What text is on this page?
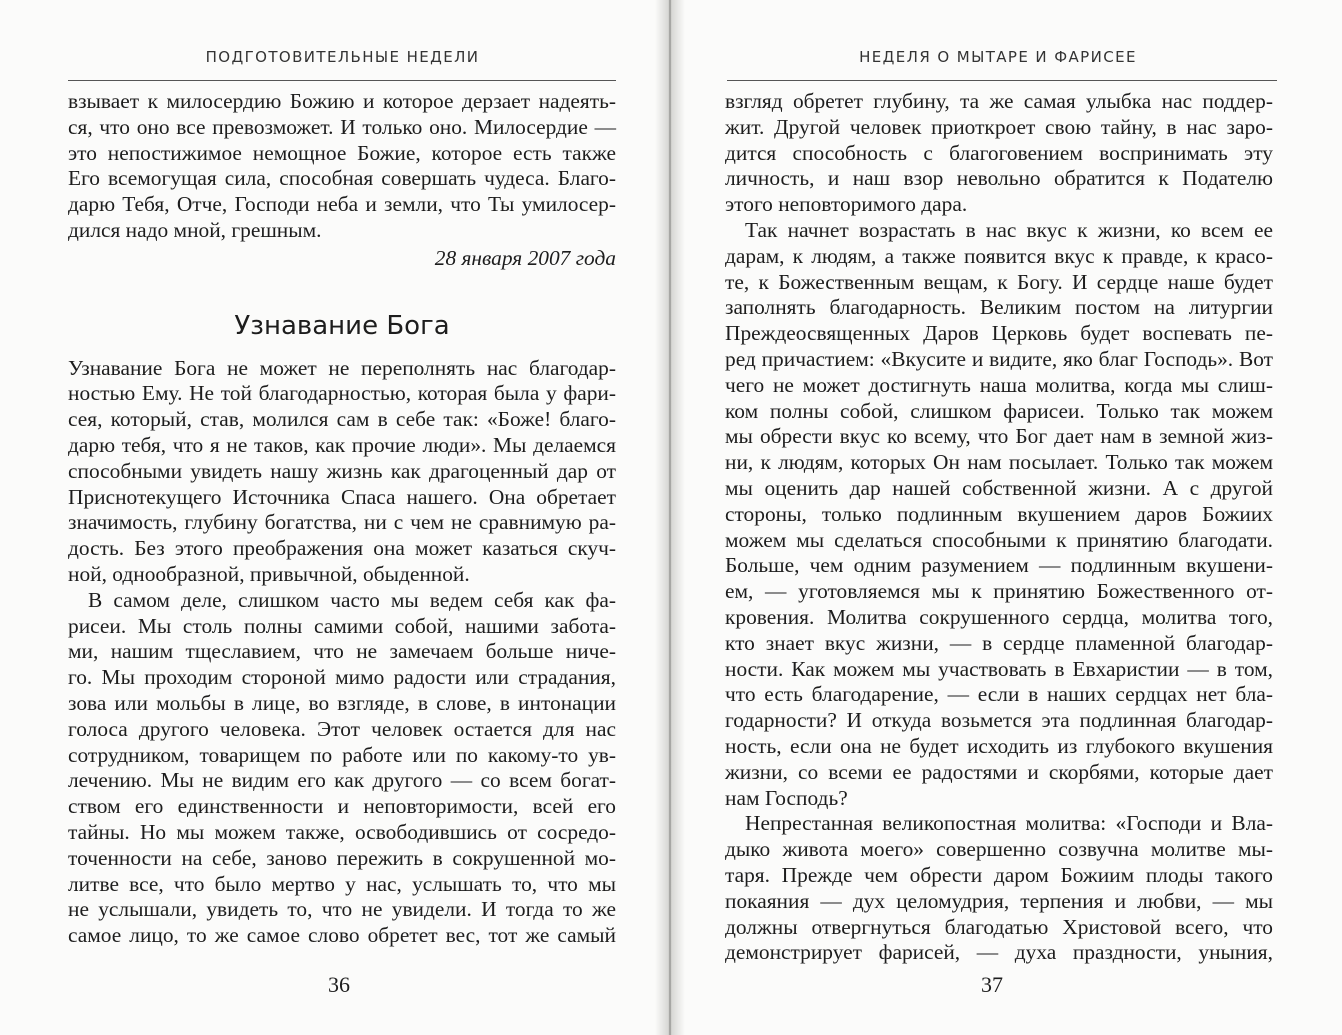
ПОДГОТОВИТЕЛЬНЫЕ НЕДЕЛИ
взывает к милосердию Божию и которое дерзает надеять-
ся, что оно все превозможет. И только оно. Милосердие —
это непостижимое немощное Божие, которое есть также
Его всемогущая сила, способная совершать чудеса. Благо-
дарю Тебя, Отче, Господи неба и земли, что Ты умилосер-
дился надо мной, грешным.
28 января 2007 года
Узнавание Бога
Узнавание Бога не может не переполнять нас благодар-
ностью Ему. Не той благодарностью, которая была у фари-
сея, который, став, молился сам в себе так: «Боже! благо-
дарю тебя, что я не таков, как прочие люди». Мы делаемся
способными увидеть нашу жизнь как драгоценный дар от
Приснотекущего Источника Спаса нашего. Она обретает
значимость, глубину богатства, ни с чем не сравнимую ра-
дость. Без этого преображения она может казаться скуч-
ной, однообразной, привычной, обыденной.
В самом деле, слишком часто мы ведем себя как фа-
рисеи. Мы столь полны самими собой, нашими забота-
ми, нашим тщеславием, что не замечаем больше ниче-
го. Мы проходим стороной мимо радости или страдания,
зова или мольбы в лице, во взгляде, в слове, в интонации
голоса другого человека. Этот человек остается для нас
сотрудником, товарищем по работе или по какому-то ув-
лечению. Мы не видим его как другого — со всем богат-
ством его единственности и неповторимости, всей его
тайны. Но мы можем также, освободившись от сосредо-
точенности на себе, заново пережить в сокрушенной мо-
литве все, что было мертво у нас, услышать то, что мы
не услышали, увидеть то, что не увидели. И тогда то же
самое лицо, то же самое слово обретет вес, тот же самый
36
НЕДЕЛЯ О МЫТАРЕ И ФАРИСЕЕ
взгляд обретет глубину, та же самая улыбка нас поддер-
жит. Другой человек приоткроет свою тайну, в нас заро-
дится способность с благоговением воспринимать эту
личность, и наш взор невольно обратится к Подателю
этого неповторимого дара.
Так начнет возрастать в нас вкус к жизни, ко всем ее
дарам, к людям, а также появится вкус к правде, к красо-
те, к Божественным вещам, к Богу. И сердце наше будет
заполнять благодарность. Великим постом на литургии
Преждеосвященных Даров Церковь будет воспевать пе-
ред причастием: «Вкусите и видите, яко благ Господь». Вот
чего не может достигнуть наша молитва, когда мы слиш-
ком полны собой, слишком фарисеи. Только так можем
мы обрести вкус ко всему, что Бог дает нам в земной жиз-
ни, к людям, которых Он нам посылает. Только так можем
мы оценить дар нашей собственной жизни. А с другой
стороны, только подлинным вкушением даров Божиих
можем мы сделаться способными к принятию благодати.
Больше, чем одним разумением — подлинным вкушени-
ем, — уготовляемся мы к принятию Божественного от-
кровения. Молитва сокрушенного сердца, молитва того,
кто знает вкус жизни, — в сердце пламенной благодар-
ности. Как можем мы участвовать в Евхаристии — в том,
что есть благодарение, — если в наших сердцах нет бла-
годарности? И откуда возьмется эта подлинная благодар-
ность, если она не будет исходить из глубокого вкушения
жизни, со всеми ее радостями и скорбями, которые дает
нам Господь?
Непрестанная великопостная молитва: «Господи и Вла-
дыко живота моего» совершенно созвучна молитве мы-
таря. Прежде чем обрести даром Божиим плоды такого
покаяния — дух целомудрия, терпения и любви, — мы
должны отвергнуться благодатью Христовой всего, что
демонстрирует фарисей, — духа праздности, уныния,
37
